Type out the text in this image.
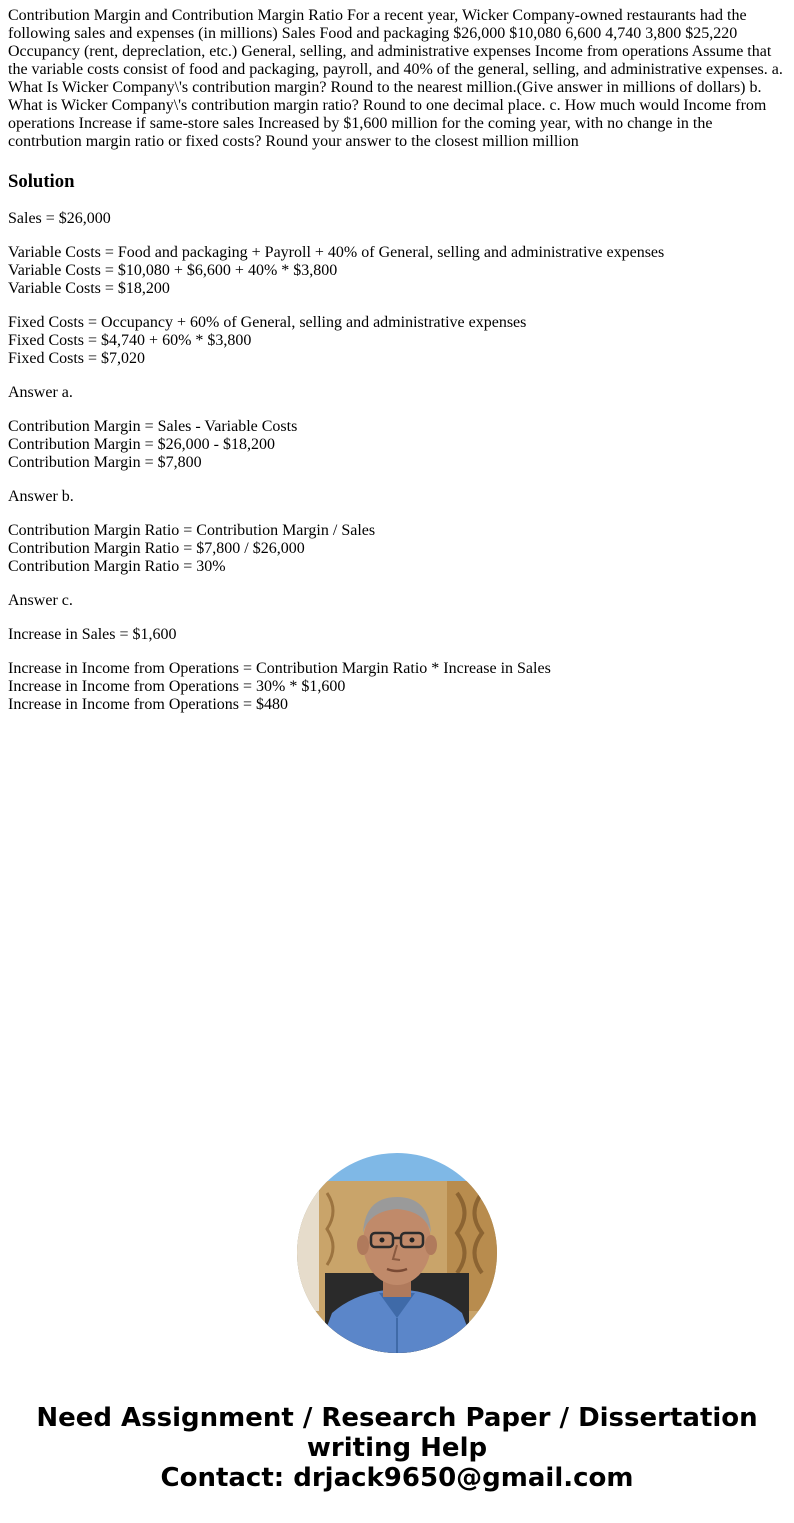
Contribution Margin and Contribution Margin Ratio For a recent year, Wicker Company-owned restaurants had the following sales and expenses (in millions) Sales Food and packaging $26,000 $10,080 6,600 4,740 3,800 $25,220 Occupancy (rent, depreclation, etc.) General, selling, and administrative expenses Income from operations Assume that the variable costs consist of food and packaging, payroll, and 40% of the general, selling, and administrative expenses. a. What Is Wicker Company\'s contribution margin? Round to the nearest million.(Give answer in millions of dollars) b. What is Wicker Company\'s contribution margin ratio? Round to one decimal place. c. How much would Income from operations Increase if same-store sales Increased by $1,600 million for the coming year, with no change in the contrbution margin ratio or fixed costs? Round your answer to the closest million million
Solution

Sales = $26,000

Variable Costs = Food and packaging + Payroll + 40% of General, selling and administrative expenses
Variable Costs = $10,080 + $6,600 + 40% * $3,800
Variable Costs = $18,200

Fixed Costs = Occupancy + 60% of General, selling and administrative expenses
Fixed Costs = $4,740 + 60% * $3,800
Fixed Costs = $7,020

Answer a.

Contribution Margin = Sales - Variable Costs
Contribution Margin = $26,000 - $18,200
Contribution Margin = $7,800

Answer b.

Contribution Margin Ratio = Contribution Margin / Sales
Contribution Margin Ratio = $7,800 / $26,000
Contribution Margin Ratio = 30%

Answer c.

Increase in Sales = $1,600

Increase in Income from Operations = Contribution Margin Ratio * Increase in Sales
Increase in Income from Operations = 30% * $1,600
Increase in Income from Operations = $480

Need Assignment / Research Paper / Dissertation
writing Help
Contact: drjack9650@gmail.com
